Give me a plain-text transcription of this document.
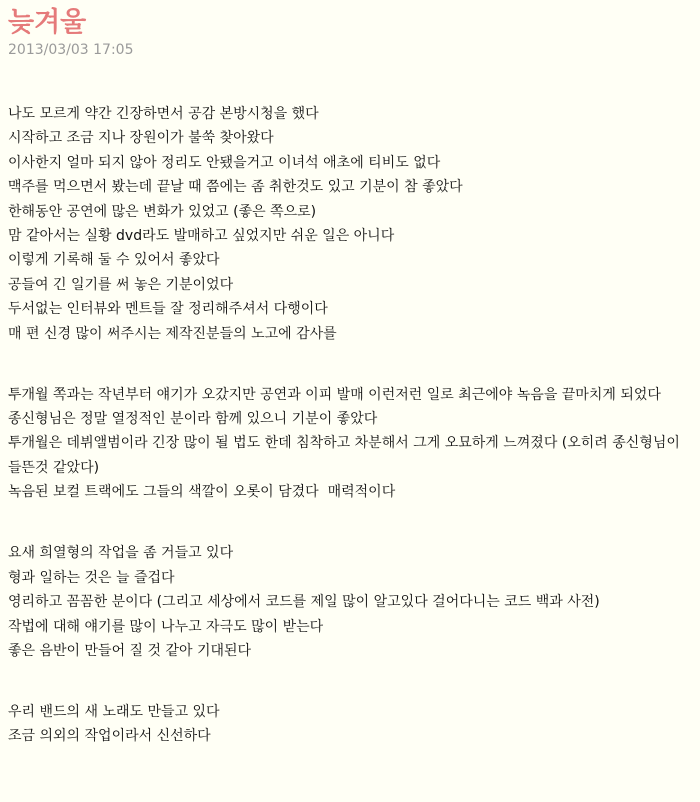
늦겨울
2013/03/03 17:05
나도 모르게 약간 긴장하면서 공감 본방시청을 했다
시작하고 조금 지나 장원이가 불쑥 찾아왔다
이사한지 얼마 되지 않아 정리도 안됐을거고 이녀석 애초에 티비도 없다
맥주를 먹으면서 봤는데 끝날 때 쯤에는 좀 취한것도 있고 기분이 참 좋았다
한해동안 공연에 많은 변화가 있었고 (좋은 쪽으로)
맘 같아서는 실황 dvd라도 발매하고 싶었지만 쉬운 일은 아니다
이렇게 기록해 둘 수 있어서 좋았다
공들여 긴 일기를 써 놓은 기분이었다
두서없는 인터뷰와 멘트들 잘 정리해주셔서 다행이다
매 편 신경 많이 써주시는 제작진분들의 노고에 감사를
투개월 쪽과는 작년부터 얘기가 오갔지만 공연과 이피 발매 이런저런 일로 최근에야 녹음을 끝마치게 되었다
종신형님은 정말 열정적인 분이라 함께 있으니 기분이 좋았다
투개월은 데뷔앨범이라 긴장 많이 될 법도 한데 침착하고 차분해서 그게 오묘하게 느껴졌다 (오히려 종신형님이 들뜬것 같았다)
녹음된 보컬 트랙에도 그들의 색깔이 오롯이 담겼다  매력적이다
요새 희열형의 작업을 좀 거들고 있다
형과 일하는 것은 늘 즐겁다
영리하고 꼼꼼한 분이다 (그리고 세상에서 코드를 제일 많이 알고있다 걸어다니는 코드 백과 사전)
작법에 대해 얘기를 많이 나누고 자극도 많이 받는다
좋은 음반이 만들어 질 것 같아 기대된다
우리 밴드의 새 노래도 만들고 있다
조금 의외의 작업이라서 신선하다
